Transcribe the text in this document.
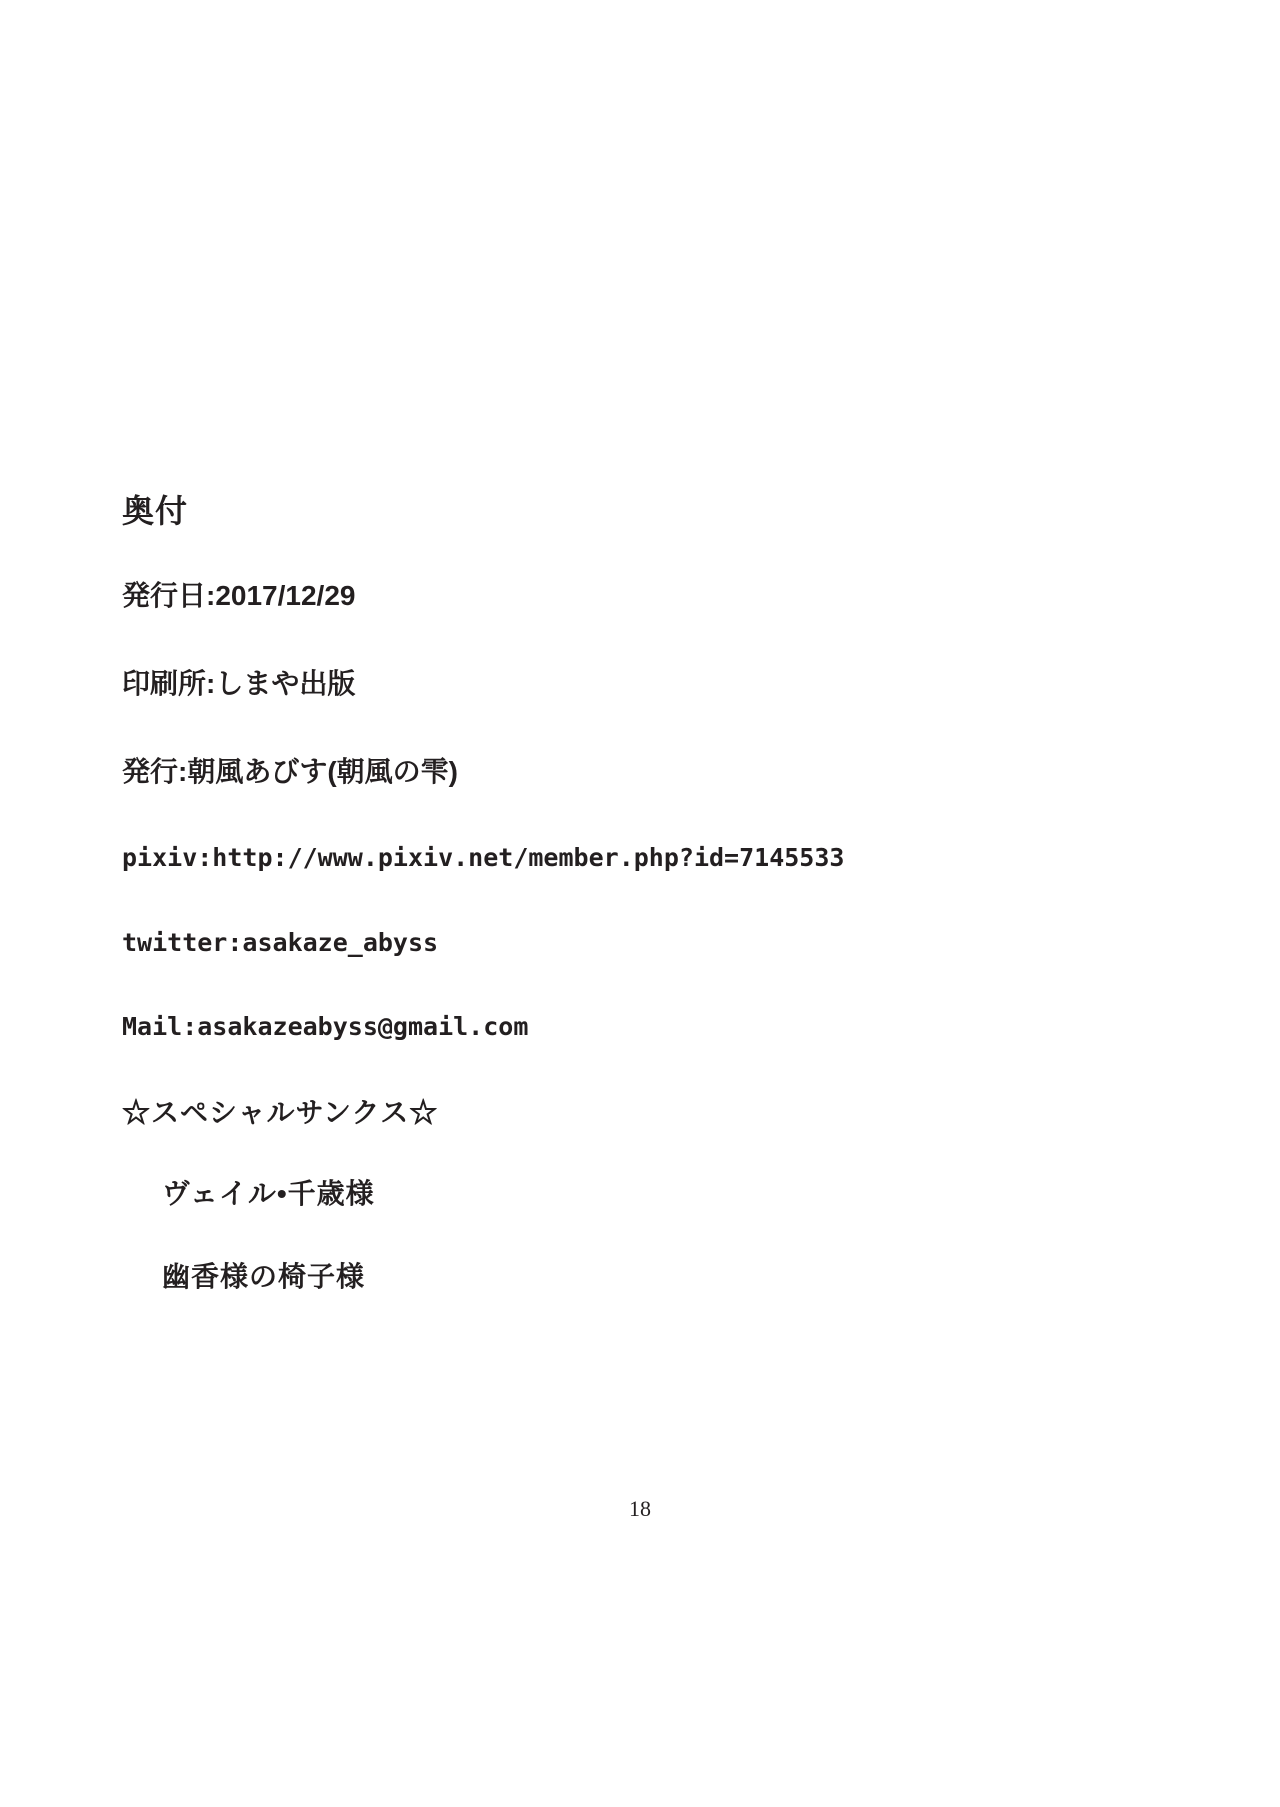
奥付

発行日:2017/12/29

印刷所:しまや出版

発行:朝風あびす(朝風の雫)

pixiv:http://www.pixiv.net/member.php?id=7145533

twitter:asakaze_abyss

Mail:asakazeabyss@gmail.com

☆スペシャルサンクス☆

ヴェイル•千歳様

幽香様の椅子様

18
